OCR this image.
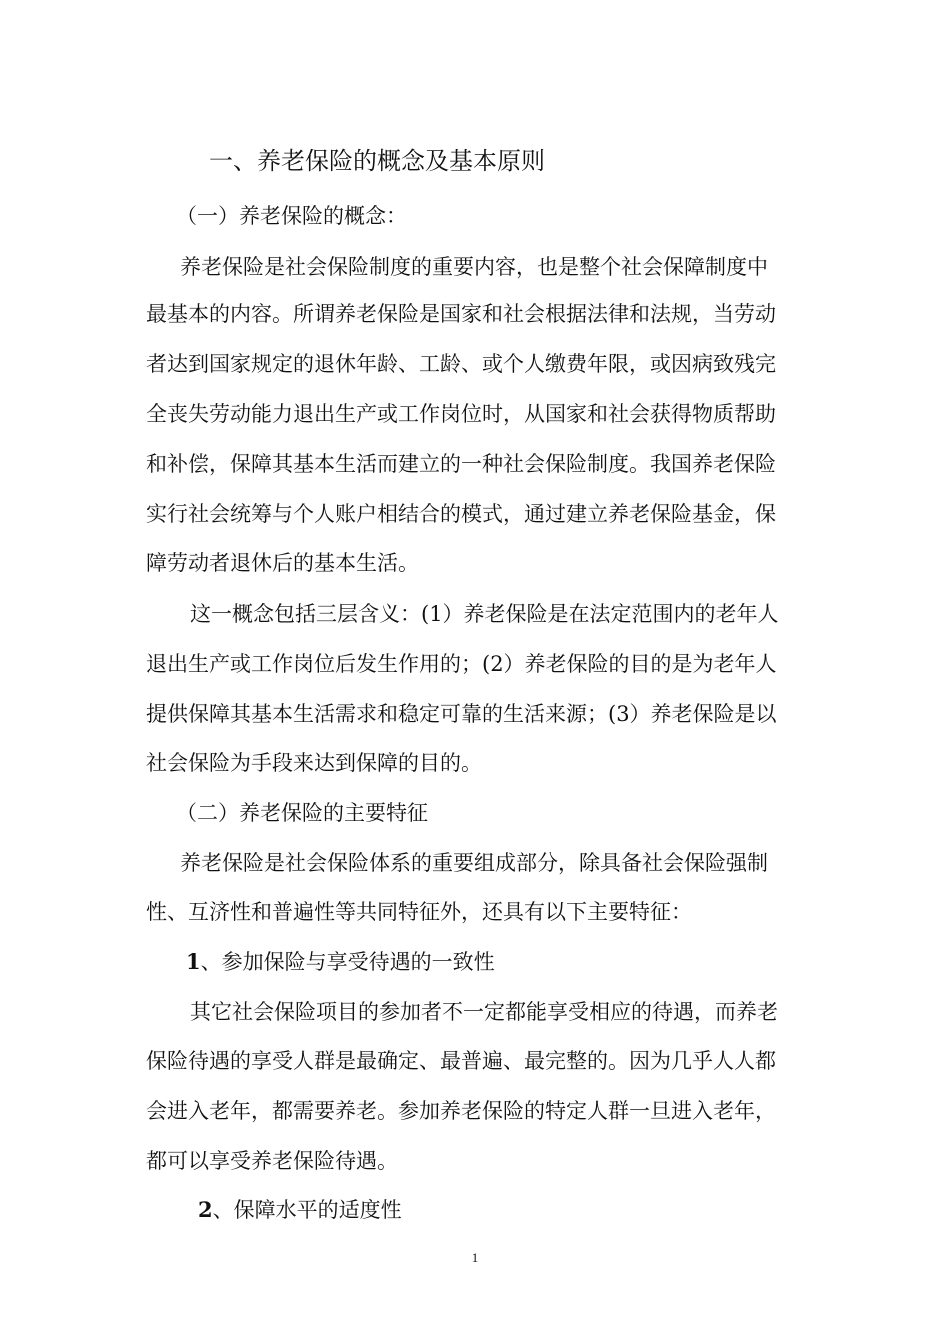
一、养老保险的概念及基本原则
（一）养老保险的概念：
养老保险是社会保险制度的重要内容，也是整个社会保障制度中
最基本的内容。所谓养老保险是国家和社会根据法律和法规，当劳动
者达到国家规定的退休年龄、工龄、或个人缴费年限，或因病致残完
全丧失劳动能力退出生产或工作岗位时，从国家和社会获得物质帮助
和补偿，保障其基本生活而建立的一种社会保险制度。我国养老保险
实行社会统筹与个人账户相结合的模式，通过建立养老保险基金，保
障劳动者退休后的基本生活。
这一概念包括三层含义：(1）养老保险是在法定范围内的老年人
退出生产或工作岗位后发生作用的；(2）养老保险的目的是为老年人
提供保障其基本生活需求和稳定可靠的生活来源；(3）养老保险是以
社会保险为手段来达到保障的目的。
（二）养老保险的主要特征
养老保险是社会保险体系的重要组成部分，除具备社会保险强制
性、互济性和普遍性等共同特征外，还具有以下主要特征：
1、参加保险与享受待遇的一致性
其它社会保险项目的参加者不一定都能享受相应的待遇，而养老
保险待遇的享受人群是最确定、最普遍、最完整的。因为几乎人人都
会进入老年，都需要养老。参加养老保险的特定人群一旦进入老年，
都可以享受养老保险待遇。
2、保障水平的适度性
1
